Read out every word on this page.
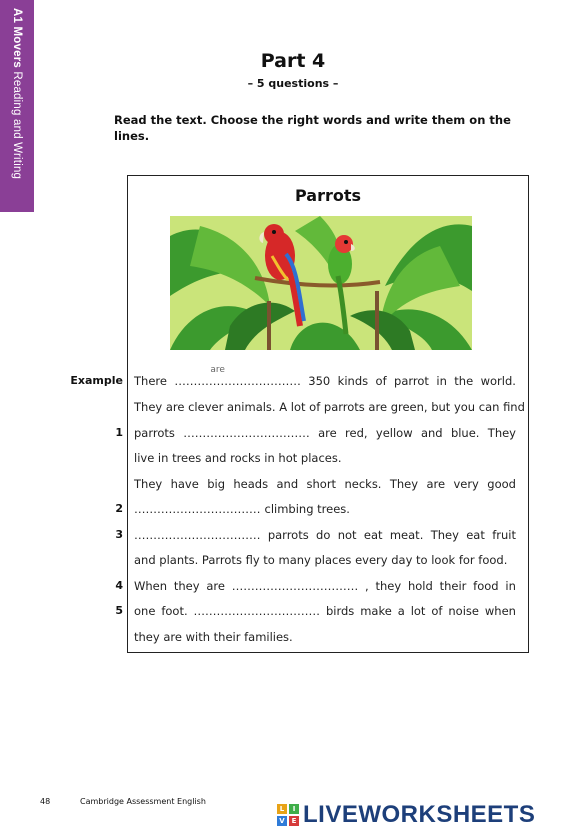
A1 Movers Reading and Writing
Part 4
– 5 questions –
Read the text. Choose the right words and write them on the lines.
Parrots
Example There ……………………………
are
350 kinds of parrot in the world.
They are clever animals. A lot of parrots are green, but you can find
1 parrots …………………………… are red, yellow and blue. They
live in trees and rocks in hot places.
They have big heads and short necks. They are very good
2 …………………………… climbing trees.
3 …………………………… parrots do not eat meat. They eat fruit
and plants. Parrots fly to many places every day to look for food.
4 When they are …………………………… , they hold their food in
5 one foot. …………………………… birds make a lot of noise when
they are with their families.
48	Cambridge Assessment English
L	I
V E LIVEWORKSHEETS
